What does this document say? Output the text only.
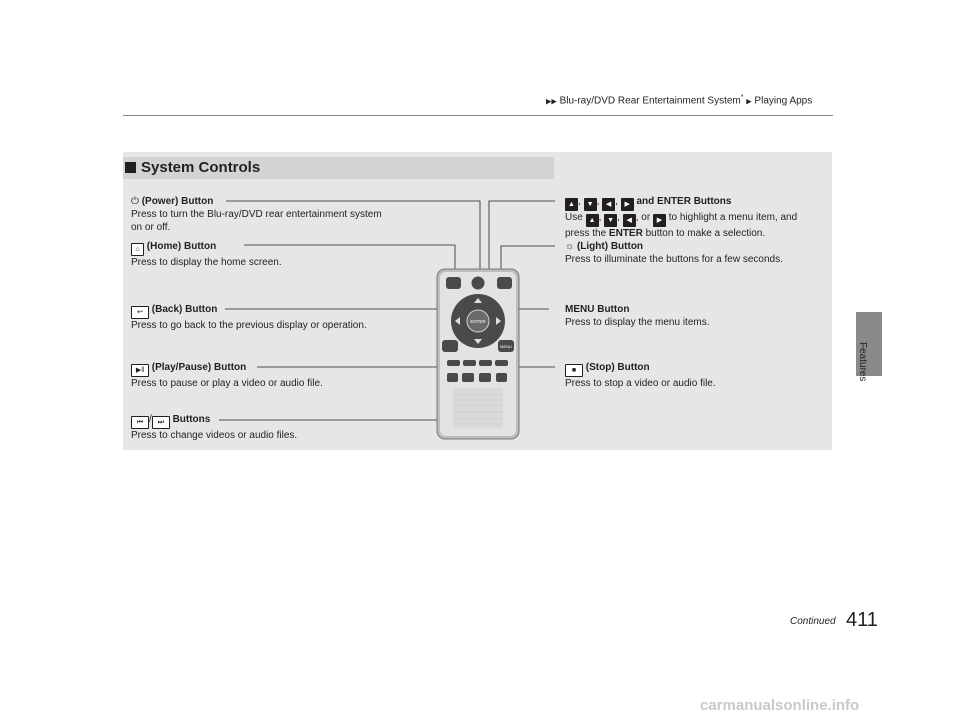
▶▶ Blu-ray/DVD Rear Entertainment System* ▶ Playing Apps
Features
System Controls
ENTER
MENU
⏻ (Power) Button
Press to turn the Blu-ray/DVD rear entertainment system
on or off.
⌂ (Home) Button
Press to display the home screen.
↩ (Back) Button
Press to go back to the previous display or operation.
▶‖ (Play/Pause) Button
Press to pause or play a video or audio file.
⏮ / ⏭ Buttons
Press to change videos or audio files.
▲ , ▼ , ◀ , ▶ and ENTER Buttons
Use ▲ , ▼ , ◀ , or ▶ to highlight a menu item, and
press the ENTER button to make a selection.
☼ (Light) Button
Press to illuminate the buttons for a few seconds.
MENU Button
Press to display the menu items.
■ (Stop) Button
Press to stop a video or audio file.
Continued 411
carmanualsonline.info
